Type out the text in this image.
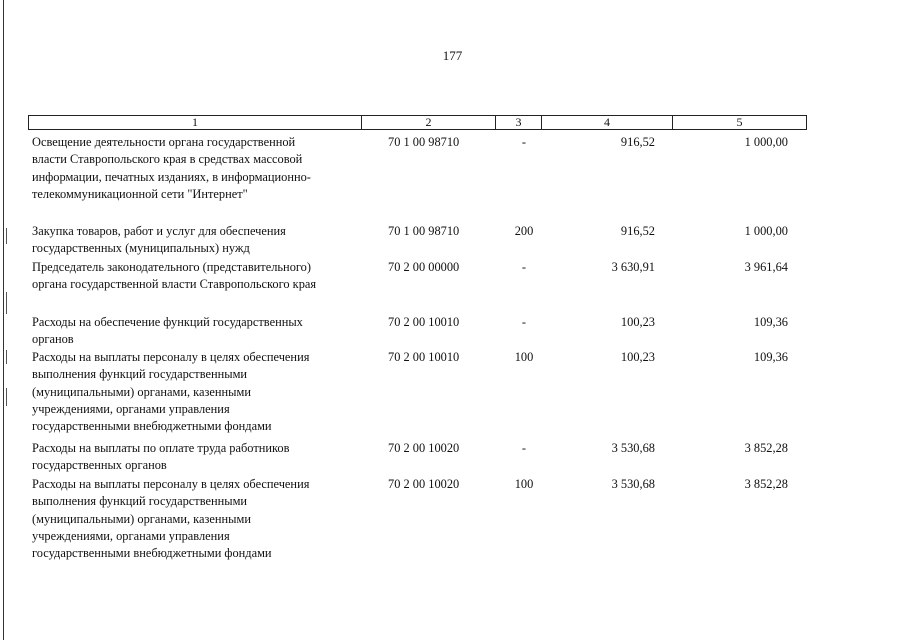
177
1	2	3	4	5
Освещение деятельности органа государственной
власти Ставропольского края в средствах массовой
информации, печатных изданиях, в информационно-
телекоммуникационной сети "Интернет"
70 1 00 98710	-	916,52	1 000,00
Закупка товаров, работ и услуг для обеспечения
государственных (муниципальных) нужд
70 1 00 98710	200	916,52	1 000,00
Председатель законодательного (представительного)
органа государственной власти Ставропольского края
70 2 00 00000	-	3 630,91	3 961,64
Расходы на обеспечение функций государственных
органов
70 2 00 10010	-	100,23	109,36
Расходы на выплаты персоналу в целях обеспечения
выполнения функций государственными
(муниципальными) органами, казенными
учреждениями, органами управления
государственными внебюджетными фондами
70 2 00 10010	100	100,23	109,36
Расходы на выплаты по оплате труда работников
государственных органов
70 2 00 10020	-	3 530,68	3 852,28
Расходы на выплаты персоналу в целях обеспечения
выполнения функций государственными
(муниципальными) органами, казенными
учреждениями, органами управления
государственными внебюджетными фондами
70 2 00 10020	100	3 530,68	3 852,28
